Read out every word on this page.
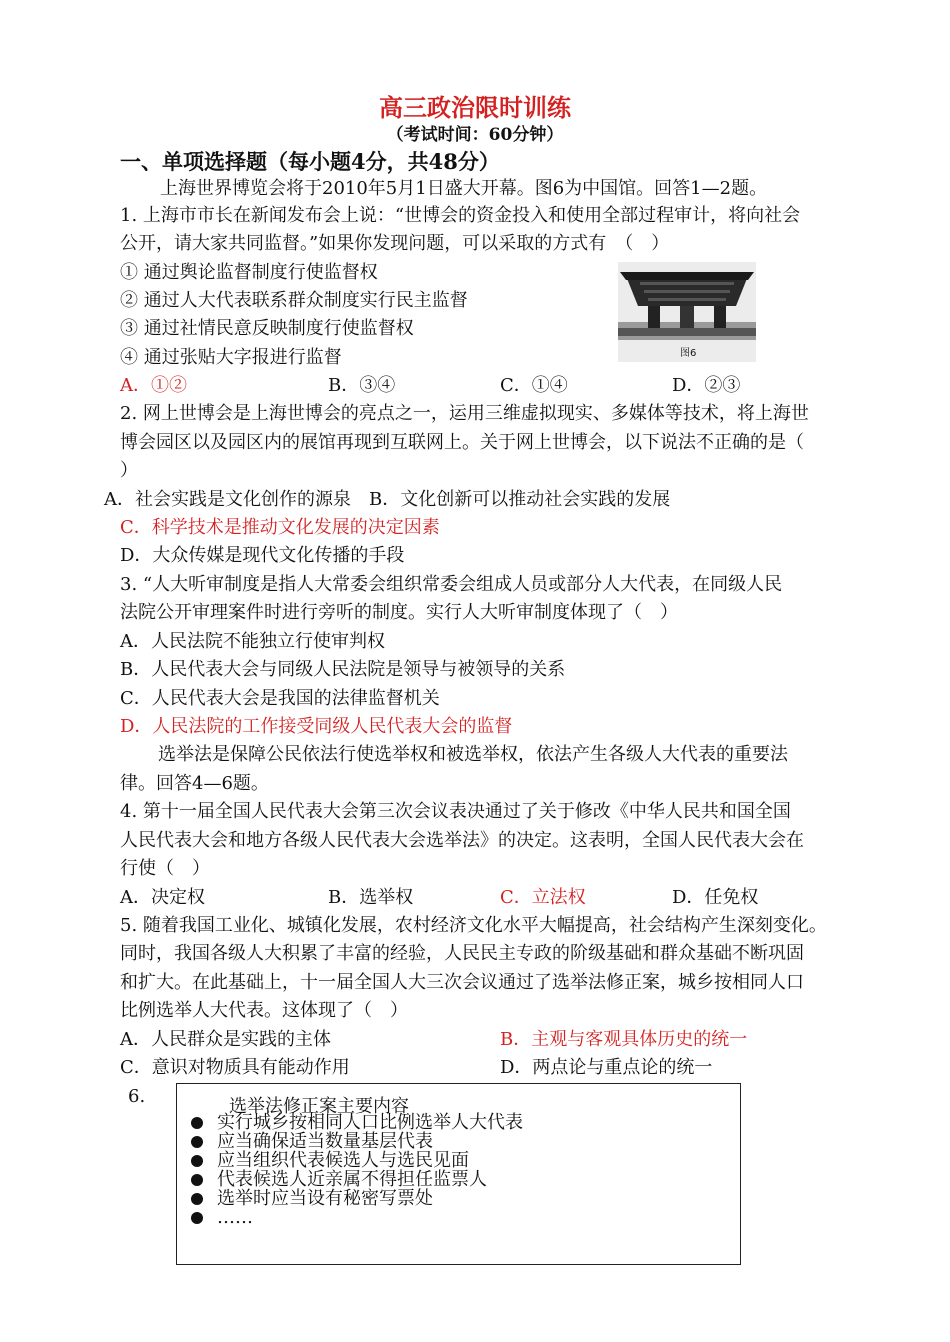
高三政治限时训练
（考试时间：60分钟）
一、单项选择题（每小题4分，共48分）
上海世界博览会将于2010年5月1日盛大开幕。图6为中国馆。回答1—2题。
1. 上海市市长在新闻发布会上说：“世博会的资金投入和使用全部过程审计，将向社会
公开，请大家共同监督。”如果你发现问题，可以采取的方式有　（　）
① 通过舆论监督制度行使监督权
② 通过人大代表联系群众制度实行民主监督
③ 通过社情民意反映制度行使监督权
④ 通过张贴大字报进行监督	图6
A．①②	B．③④	C．①④	D．②③
2. 网上世博会是上海世博会的亮点之一，运用三维虚拟现实、多媒体等技术，将上海世
博会园区以及园区内的展馆再现到互联网上。关于网上世博会，以下说法不正确的是（
）
A．社会实践是文化创作的源泉　B．文化创新可以推动社会实践的发展
C．科学技术是推动文化发展的决定因素
D．大众传媒是现代文化传播的手段
3. “人大听审制度是指人大常委会组织常委会组成人员或部分人大代表，在同级人民
法院公开审理案件时进行旁听的制度。实行人大听审制度体现了（　）
A．人民法院不能独立行使审判权
B．人民代表大会与同级人民法院是领导与被领导的关系
C．人民代表大会是我国的法律监督机关
D．人民法院的工作接受同级人民代表大会的监督
选举法是保障公民依法行使选举权和被选举权，依法产生各级人大代表的重要法
律。回答4—6题。
4. 第十一届全国人民代表大会第三次会议表决通过了关于修改《中华人民共和国全国
人民代表大会和地方各级人民代表大会选举法》的决定。这表明，全国人民代表大会在
行使（　）
A．决定权	B．选举权	C．立法权	D．任免权
5. 随着我国工业化、城镇化发展，农村经济文化水平大幅提高，社会结构产生深刻变化。
同时，我国各级人大积累了丰富的经验，人民民主专政的阶级基础和群众基础不断巩固
和扩大。在此基础上，十一届全国人大三次会议通过了选举法修正案，城乡按相同人口
比例选举人大代表。这体现了（　）
A．人民群众是实践的主体	B．主观与客观具体历史的统一
C．意识对物质具有能动作用	D．两点论与重点论的统一
6.	选举法修正案主要内容
实行城乡按相同人口比例选举人大代表
应当确保适当数量基层代表
应当组织代表候选人与选民见面
代表候选人近亲属不得担任监票人
选举时应当设有秘密写票处
……
